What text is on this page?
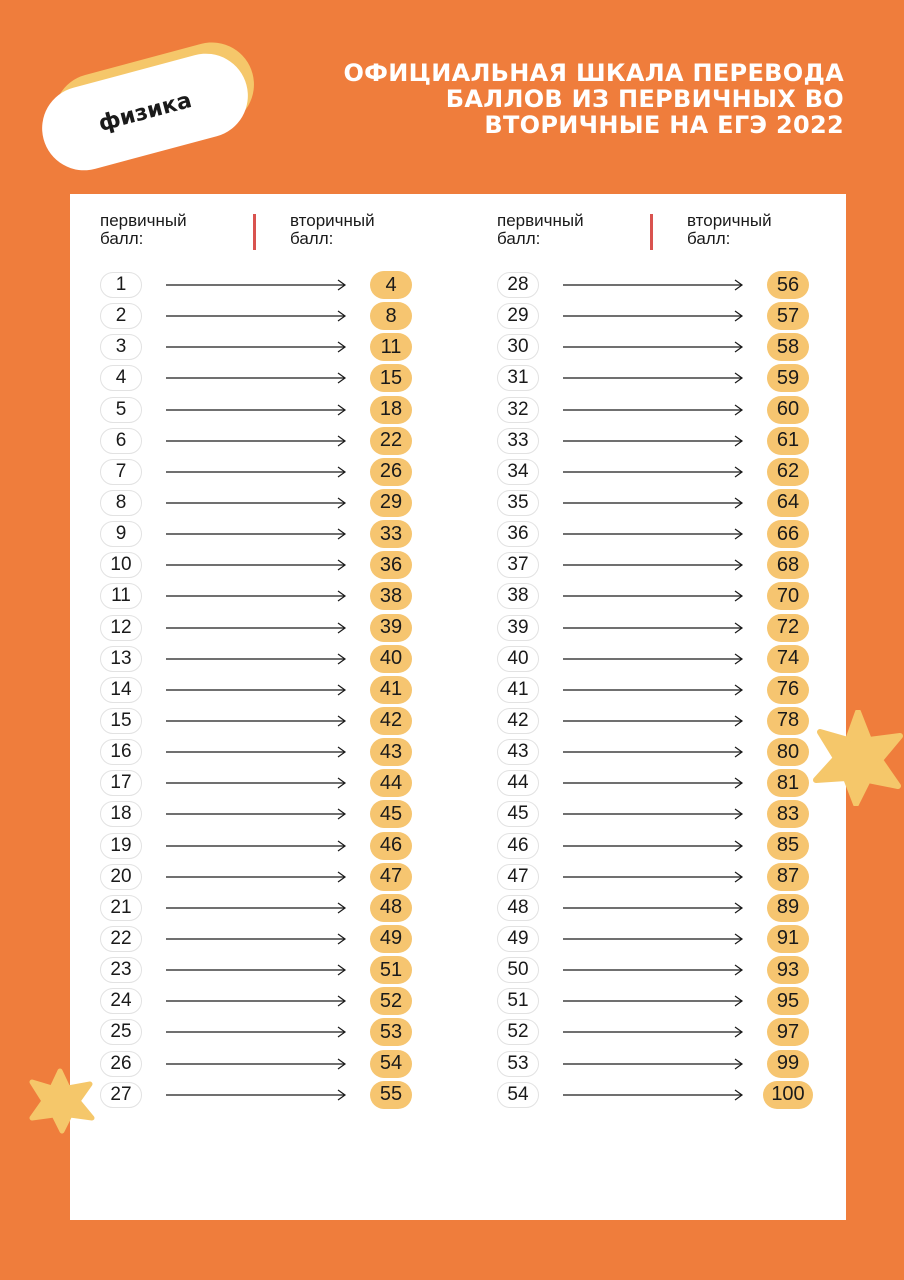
физика
ОФИЦИАЛЬНАЯ ШКАЛА ПЕРЕВОДА
БАЛЛОВ ИЗ ПЕРВИЧНЫХ ВО
ВТОРИЧНЫЕ НА ЕГЭ 2022
первичный
балл:
вторичный
балл:
1	4
2	8
3	11
4	15
5	18
6	22
7	26
8	29
9	33
10	36
11	38
12	39
13	40
14	41
15	42
16	43
17	44
18	45
19	46
20	47
21	48
22	49
23	51
24	52
25	53
26	54
27	55
первичный
балл:
вторичный
балл:
28	56
29	57
30	58
31	59
32	60
33	61
34	62
35	64
36	66
37	68
38	70
39	72
40	74
41	76
42	78
43	80
44	81
45	83
46	85
47	87
48	89
49	91
50	93
51	95
52	97
53	99
54	100
